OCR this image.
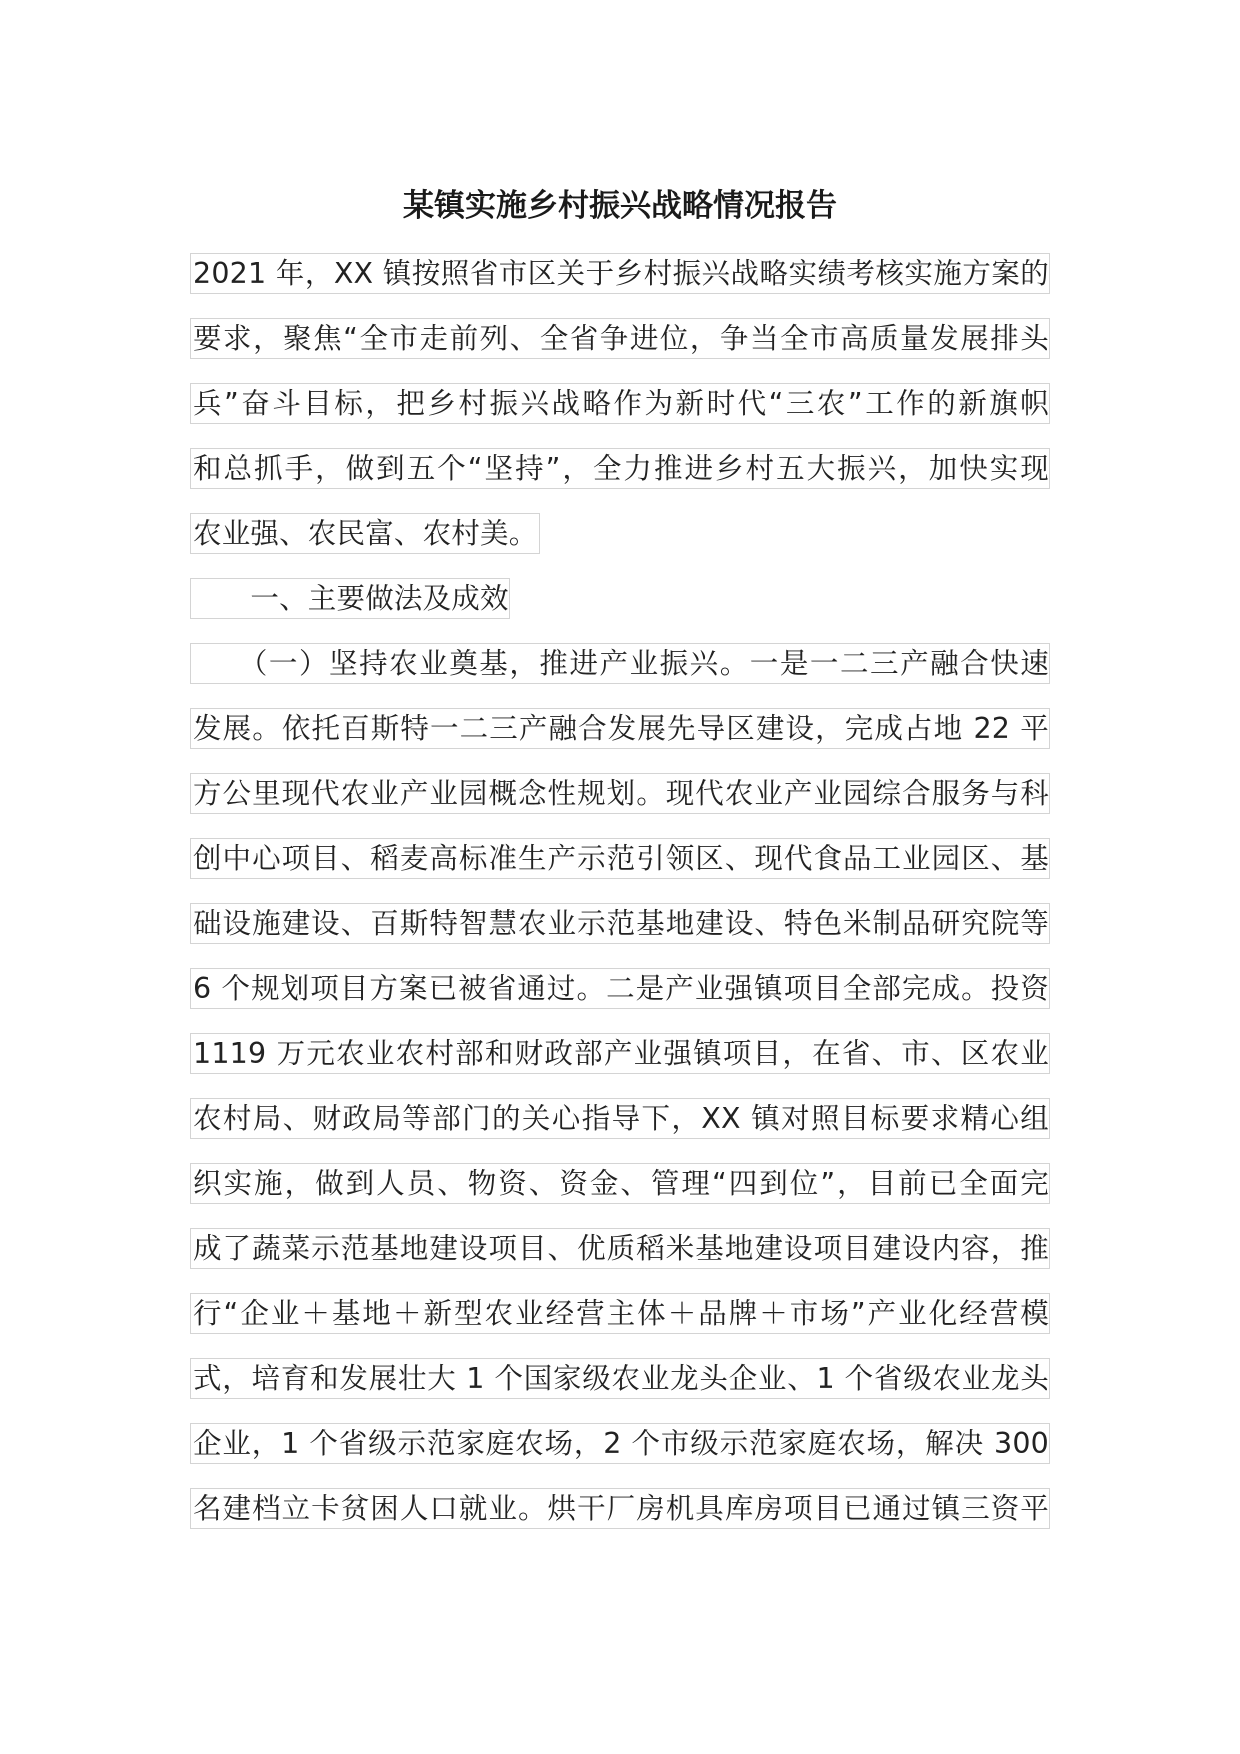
某镇实施乡村振兴战略情况报告
2021 年，XX 镇按照省市区关于乡村振兴战略实绩考核实施方案的
要求，聚焦“全市走前列、全省争进位，争当全市高质量发展排头
兵”奋斗目标，把乡村振兴战略作为新时代“三农”工作的新旗帜
和总抓手，做到五个“坚持”，全力推进乡村五大振兴，加快实现
农业强、农民富、农村美。
　　一、主要做法及成效
　　（一）坚持农业奠基，推进产业振兴。一是一二三产融合快速
发展。依托百斯特一二三产融合发展先导区建设，完成占地 22 平
方公里现代农业产业园概念性规划。现代农业产业园综合服务与科
创中心项目、稻麦高标准生产示范引领区、现代食品工业园区、基
础设施建设、百斯特智慧农业示范基地建设、特色米制品研究院等
6 个规划项目方案已被省通过。二是产业强镇项目全部完成。投资
1119 万元农业农村部和财政部产业强镇项目，在省、市、区农业
农村局、财政局等部门的关心指导下，XX 镇对照目标要求精心组
织实施，做到人员、物资、资金、管理“四到位”，目前已全面完
成了蔬菜示范基地建设项目、优质稻米基地建设项目建设内容，推
行“企业＋基地＋新型农业经营主体＋品牌＋市场”产业化经营模
式，培育和发展壮大 1 个国家级农业龙头企业、1 个省级农业龙头
企业，1 个省级示范家庭农场，2 个市级示范家庭农场，解决 300
名建档立卡贫困人口就业。烘干厂房机具库房项目已通过镇三资平
